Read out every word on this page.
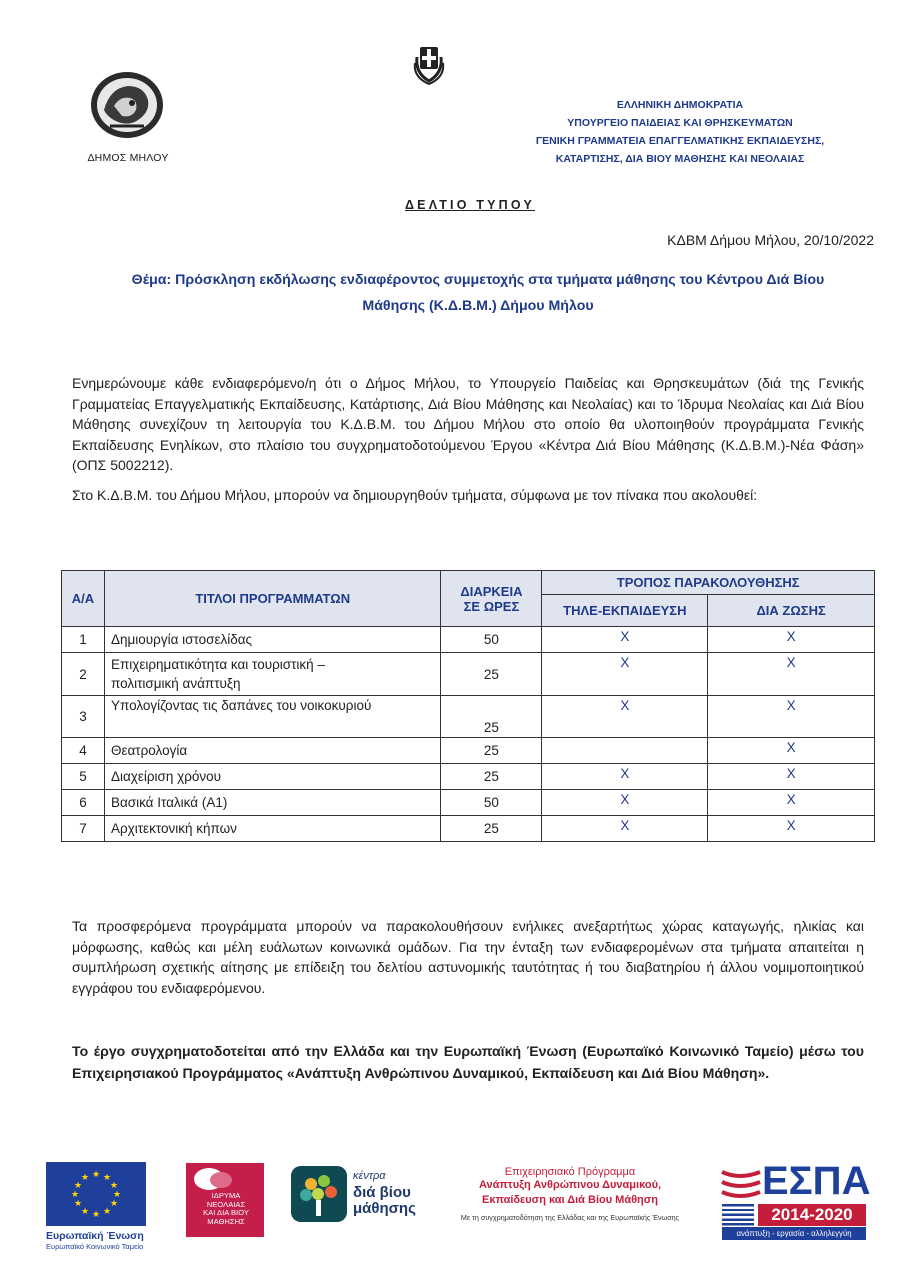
ΔΗΜΟΣ ΜΗΛΟΥ
ΕΛΛΗΝΙΚΗ ΔΗΜΟΚΡΑΤΙΑ
ΥΠΟΥΡΓΕΙΟ ΠΑΙΔΕΙΑΣ ΚΑΙ ΘΡΗΣΚΕΥΜΑΤΩΝ
ΓΕΝΙΚΗ ΓΡΑΜΜΑΤΕΙΑ ΕΠΑΓΓΕΛΜΑΤΙΚΗΣ ΕΚΠΑΙΔΕΥΣΗΣ,
ΚΑΤΑΡΤΙΣΗΣ, ΔΙΑ ΒΙΟΥ ΜΑΘΗΣΗΣ ΚΑΙ ΝΕΟΛΑΙΑΣ
ΔΕΛΤΙΟ ΤΥΠΟΥ
ΚΔΒΜ Δήμου Μήλου, 20/10/2022
Θέμα: Πρόσκληση εκδήλωσης ενδιαφέροντος συμμετοχής στα τμήματα μάθησης του Κέντρου Διά Βίου
Μάθησης (Κ.Δ.Β.Μ.) Δήμου Μήλου

Ενημερώνουμε κάθε ενδιαφερόμενο/η ότι ο Δήμος Μήλου, το Υπουργείο Παιδείας και Θρησκευμάτων (διά της Γενικής Γραμματείας Επαγγελματικής Εκπαίδευσης, Κατάρτισης, Διά Βίου Μάθησης και Νεολαίας) και το Ίδρυμα Νεολαίας και Διά Βίου Μάθησης συνεχίζουν τη λειτουργία του Κ.Δ.Β.Μ. του Δήμου Μήλου στο οποίο θα υλοποιηθούν προγράμματα Γενικής Εκπαίδευσης Ενηλίκων, στο πλαίσιο του συγχρηματοδοτούμενου Έργου «Κέντρα Διά Βίου Μάθησης (Κ.Δ.Β.Μ.)-Νέα Φάση» (ΟΠΣ 5002212).

Στο Κ.Δ.Β.Μ. του Δήμου Μήλου, μπορούν να δημιουργηθούν τμήματα, σύμφωνα με τον πίνακα που ακολουθεί:

Α/Α	ΤΙΤΛΟΙ ΠΡΟΓΡΑΜΜΑΤΩΝ	ΔΙΑΡΚΕΙΑ
ΣΕ ΩΡΕΣ	ΤΡΟΠΟΣ ΠΑΡΑΚΟΛΟΥΘΗΣΗΣ	
			ΤΗΛΕ-ΕΚΠΑΙΔΕΥΣΗ	ΔΙΑ ΖΩΣΗΣ
1	Δημιουργία ιστοσελίδας	50	X	X
2	Επιχειρηματικότητα και τουριστική –
πολιτισμική ανάπτυξη	25	X	X
3	Υπολογίζοντας τις δαπάνες του νοικοκυριού	25	X	X
4	Θεατρολογία	25		X
5	Διαχείριση χρόνου	25	X	X
6	Βασικά Ιταλικά (Α1)	50	X	X
7	Αρχιτεκτονική κήπων	25	X	X

Τα προσφερόμενα προγράμματα μπορούν να παρακολουθήσουν ενήλικες ανεξαρτήτως χώρας καταγωγής, ηλικίας και μόρφωσης, καθώς και μέλη ευάλωτων κοινωνικά ομάδων. Για την ένταξη των ενδιαφερομένων στα τμήματα απαιτείται η συμπλήρωση σχετικής αίτησης με επίδειξη του δελτίου αστυνομικής ταυτότητας ή του διαβατηρίου ή άλλου νομιμοποιητικού εγγράφου του ενδιαφερόμενου.

Το έργο συγχρηματοδοτείται από την Ελλάδα και την Ευρωπαϊκή Ένωση (Ευρωπαϊκό Κοινωνικό Ταμείο) μέσω του Επιχειρησιακού Προγράμματος «Ανάπτυξη Ανθρώπινου Δυναμικού, Εκπαίδευση και Διά Βίου Μάθηση».

★ ★
★
★
★
★
★
★
★
★
★
★
Ευρωπαϊκή Ένωση
Ευρωπαϊκό Κοινωνικό Ταμείο
ΙΔΡΥΜΑ
ΝΕΟΛΑΙΑΣ
ΚΑΙ ΔΙΑ ΒΙΟΥ
ΜΑΘΗΣΗΣ
κέντρα
διά βίου
μάθησης
Επιχειρησιακό Πρόγραμμα
Ανάπτυξη Ανθρώπινου Δυναμικού,
Εκπαίδευση και Διά Βίου Μάθηση
Με τη συγχρηματοδότηση της Ελλάδας και της Ευρωπαϊκής Ένωσης
ΕΣΠΑ
2014-2020
ανάπτυξη - εργασία - αλληλεγγύη
